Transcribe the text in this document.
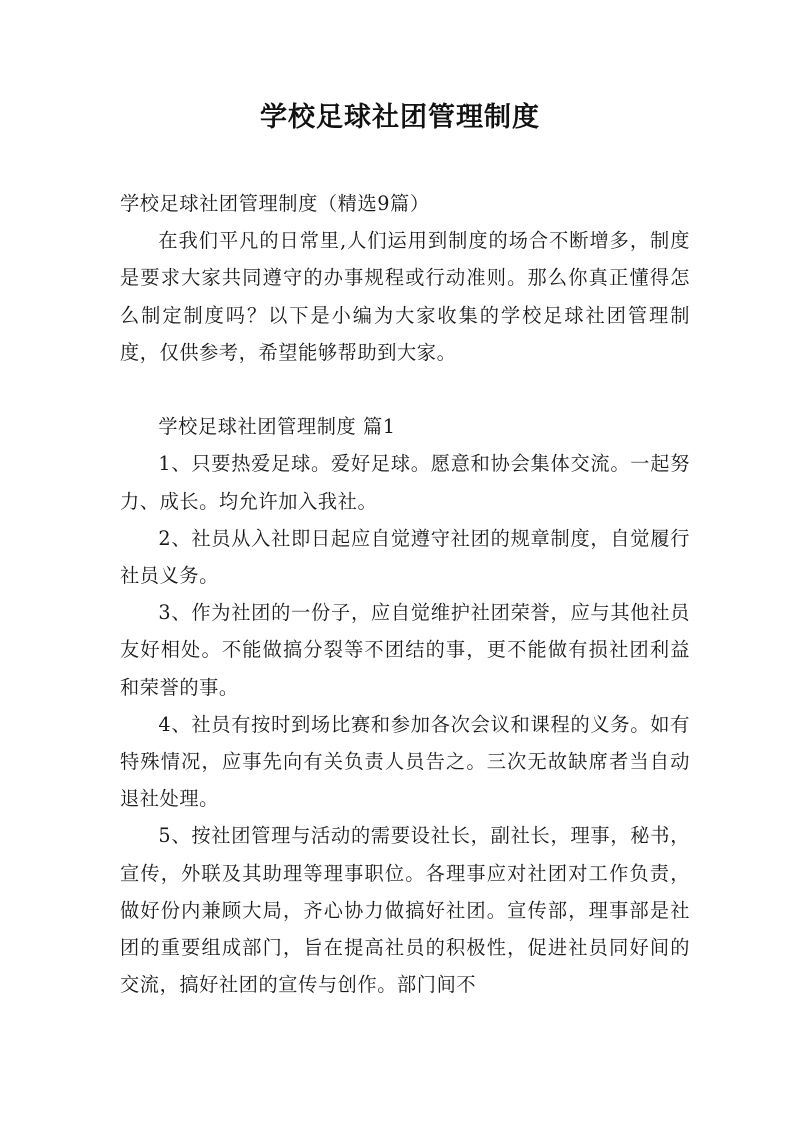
学校足球社团管理制度

学校足球社团管理制度（精选9篇）

在我们平凡的日常里,人们运用到制度的场合不断增多，制度是要求大家共同遵守的办事规程或行动准则。那么你真正懂得怎么制定制度吗？以下是小编为大家收集的学校足球社团管理制度，仅供参考，希望能够帮助到大家。

学校足球社团管理制度 篇1

1、只要热爱足球。爱好足球。愿意和协会集体交流。一起努力、成长。均允许加入我社。

2、社员从入社即日起应自觉遵守社团的规章制度，自觉履行社员义务。

3、作为社团的一份子，应自觉维护社团荣誉，应与其他社员友好相处。不能做搞分裂等不团结的事，更不能做有损社团利益和荣誉的事。

4、社员有按时到场比赛和参加各次会议和课程的义务。如有特殊情况，应事先向有关负责人员告之。三次无故缺席者当自动退社处理。

5、按社团管理与活动的需要设社长，副社长，理事，秘书，宣传，外联及其助理等理事职位。各理事应对社团对工作负责，做好份内兼顾大局，齐心协力做搞好社团。宣传部，理事部是社团的重要组成部门，旨在提高社员的积极性，促进社员同好间的交流，搞好社团的宣传与创作。部门间不
